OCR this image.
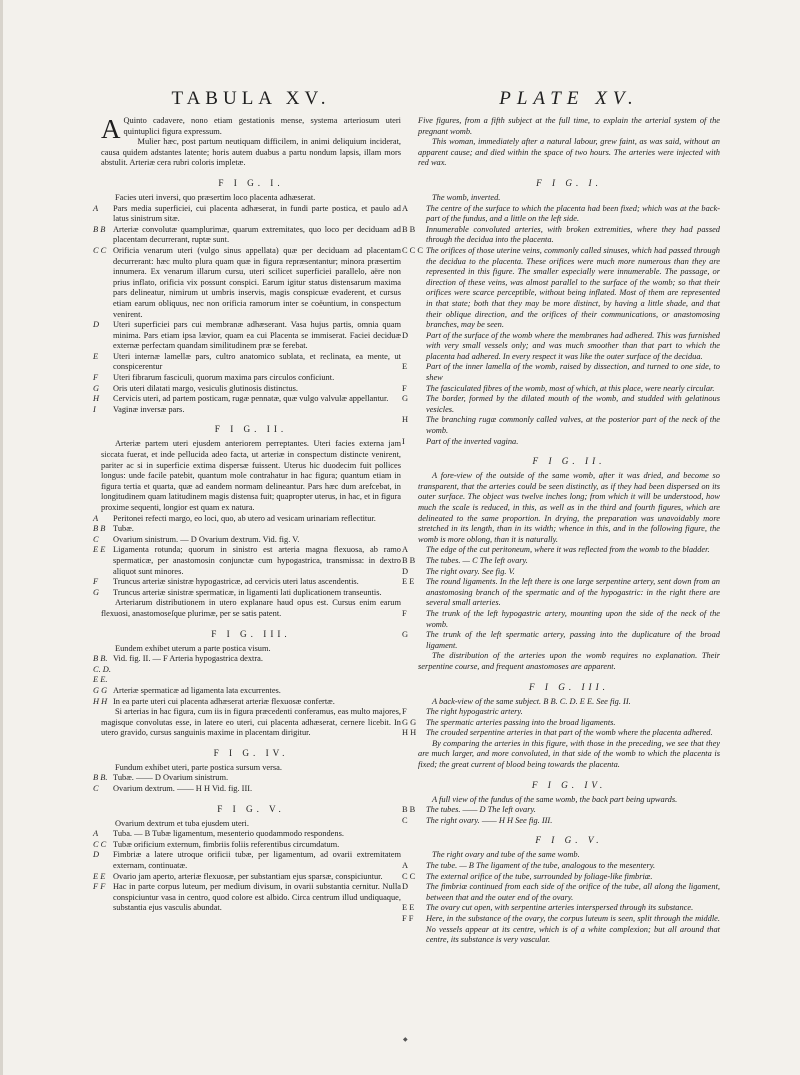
TABULA XV.

A Quinto cadavere, nono etiam gestationis mense, systema arteriosum uteri quintuplici figura expressum.

Mulier hæc, post partum neutiquam difficilem, in animi deliquium inciderat, causa quidem adstantes latente; horis autem duabus a partu nondum lapsis, illam mors abstulit. Arteriæ cera rubri coloris impletæ.

F I G. I.

Facies uteri inversi, quo præsertim loco placenta adhæserat.

A	Pars media superficiei, cui placenta adhæserat, in fundi parte postica, et paulo ad latus sinistrum sitæ.
B B Arteriæ convolutæ quamplurimæ, quarum extremitates, quo loco per deciduam ad placentam decurrerant, ruptæ sunt.
C C Orificia venarum uteri (vulgo sinus appellata) quæ per deciduam ad placentam decurrerant: hæc multo plura quam quæ in figura repræsentantur; minora præsertim innumera. Ex venarum illarum cursu, uteri scilicet superficiei parallelo, aëre non prius inflato, orificia vix possunt conspici. Earum igitur status distensarum maxima pars delineatur, nimirum ut umbris inservis, magis conspicuæ evaderent, et cursus etiam earum obliquus, nec non orificia ramorum inter se coëuntium, in conspectum venirent.
D	Uteri superficiei pars cui membranæ adhæserant. Vasa hujus partis, omnia quam minima. Pars etiam ipsa lævior, quam ea cui Placenta se immiserat. Faciei deciduæ externæ perfectam quandam similitudinem præ se ferebat.
E	Uteri internæ lamellæ pars, cultro anatomico sublata, et reclinata, ea mente, ut conspicerentur
F	Uteri fibrarum fasciculi, quorum maxima pars circulos conficiunt.
G	Oris uteri dilatati margo, vesiculis glutinosis distinctus.
H	Cervicis uteri, ad partem posticam, rugæ pennatæ, quæ vulgo valvulæ appellantur.
I	Vaginæ inversæ pars.
F I G. II.

Arteriæ partem uteri ejusdem anteriorem perreptantes. Uteri facies externa jam siccata fuerat, et inde pellucida adeo facta, ut arteriæ in conspectum distincte venirent, pariter ac si in superficie extima dispersæ fuissent. Uterus hic duodecim fuit pollices longus: unde facile patebit, quantum mole contrahatur in hac figura; quantum etiam in figura tertia et quarta, quæ ad eandem normam delineantur. Pars hæc dum arefcebat, in longitudinem quam latitudinem magis distensa fuit; quapropter uterus, in hac, et in figura proxime sequenti, longior est quam ex natura.

A	Peritonei refecti margo, eo loci, quo, ab utero ad vesicam urinariam reflectitur.
B B Tubæ.
C	Ovarium sinistrum. — D Ovarium dextrum. Vid. fig. V.
E E Ligamenta rotunda; quorum in sinistro est arteria magna flexuosa, ab ramo spermaticæ, per anastomosin conjunctæ cum hypogastrica, transmissa: in dextro aliquot sunt minores.
F	Truncus arteriæ sinistræ hypogastricæ, ad cervicis uteri latus ascendentis.
G	Truncus arteriæ sinistræ spermaticæ, in ligamenti lati duplicationem transeuntis.

Arteriarum distributionem in utero explanare haud opus est. Cursus enim earum flexuosi, anastomoseſque plurimæ, per se satis patent.

F I G. III.

Eundem exhibet uterum a parte postica visum.

B B. C. D. E E.
Vid. fig. II. — F Arteria hypogastrica dextra.
G G Arteriæ spermaticæ ad ligamenta lata excurrentes.
H H In ea parte uteri cui placenta adhæserat arteriæ flexuosæ confertæ.

Si arterias in hac figura, cum iis in figura præcedenti conferamus, eas multo majores, magisque convolutas esse, in latere eo uteri, cui placenta adhæserat, cernere licebit. In utero gravido, cursus sanguinis maxime in placentam dirigitur.

F I G. IV.

Fundum exhibet uteri, parte postica sursum versa.

B B. Tubæ. —— D Ovarium sinistrum.
C	Ovarium dextrum. —— H H Vid. fig. III.
F I G. V.

Ovarium dextrum et tuba ejusdem uteri.

A	Tuba. — B Tubæ ligamentum, mesenterio quodammodo respondens.
C C Tubæ orificium externum, fimbriis foliis referentibus circumdatum.
D	Fimbriæ a latere utroque orificii tubæ, per ligamentum, ad ovarii extremitatem externam, continuatæ.
E E Ovario jam aperto, arteriæ flexuosæ, per substantiam ejus sparsæ, conspiciuntur.
F F Hac in parte corpus luteum, per medium divisum, in ovarii substantia cernitur. Nulla conspiciuntur vasa in centro, quod colore est albido. Circa centrum illud undiquaque, substantia ejus vasculis abundat.
PLATE XV.

Five figures, from a fifth subject at the full time, to explain the arterial system of the pregnant womb.

This woman, immediately after a natural labour, grew faint, as was said, without an apparent cause; and died within the space of two hours. The arteries were injected with red wax.

F I G. I.

The womb, inverted.

A	The centre of the surface to which the placenta had been fixed; which was at the back-part of the fundus, and a little on the left side.
B B	Innumerable convoluted arteries, with broken extremities, where they had passed through the decidua into the placenta.
C C C The orifices of those uterine veins, commonly called sinuses, which had passed through the decidua to the placenta. These orifices were much more numerous than they are represented in this figure. The smaller especially were innumerable. The passage, or direction of these veins, was almost parallel to the surface of the womb; so that their orifices were scarce perceptible, without being inflated. Most of them are represented in that state; both that they may be more distinct, by having a little shade, and that their oblique direction, and the orifices of their communications, or anastomosing branches, may be seen.
D	Part of the surface of the womb where the membranes had adhered. This was furnished with very small vessels only; and was much smoother than that part to which the placenta had adhered. In every respect it was like the outer surface of the decidua.
E	Part of the inner lamella of the womb, raised by dissection, and turned to one side, to shew
F	The fasciculated fibres of the womb, most of which, at this place, were nearly circular.
G	The border, formed by the dilated mouth of the womb, and studded with gelatinous vesicles.
H	The branching rugæ commonly called valves, at the posterior part of the neck of the womb.
I	Part of the inverted vagina.
F I G. II.

A fore-view of the outside of the same womb, after it was dried, and become so transparent, that the arteries could be seen distinctly, as if they had been dispersed on its outer surface. The object was twelve inches long; from which it will be understood, how much the scale is reduced, in this, as well as in the third and fourth figures, which are delineated to the same proportion. In drying, the preparation was unavoidably more stretched in its length, than in its width; whence in this, and in the following figure, the womb is more oblong, than it is naturally.

A	The edge of the cut peritoneum, where it was reflected from the womb to the bladder.
B B	The tubes. — C The left ovary.
D	The right ovary. See fig. V.
E E	The round ligaments. In the left there is one large serpentine artery, sent down from an anastomosing branch of the spermatic and of the hypogastric: in the right there are several small arteries.
F	The trunk of the left hypogastric artery, mounting upon the side of the neck of the womb.
G	The trunk of the left spermatic artery, passing into the duplicature of the broad ligament.

The distribution of the arteries upon the womb requires no explanation. Their serpentine course, and frequent anastomoses are apparent.

F I G. III.

A back-view of the same subject. B B. C. D. E E. See fig. II.

F	The right hypogastric artery.
G G	The spermatic arteries passing into the broad ligaments.
H H	The crouded serpentine arteries in that part of the womb where the placenta adhered.

By comparing the arteries in this figure, with those in the preceding, we see that they are much larger, and more convoluted, in that side of the womb to which the placenta is fixed; the great current of blood being towards the placenta.

F I G. IV.

A full view of the fundus of the same womb, the back part being upwards.

B B	The tubes. —— D The left ovary.
C	The right ovary. —— H H See fig. III.
F I G. V.

The right ovary and tube of the same womb.

A	The tube. — B The ligament of the tube, analogous to the mesentery.
C C	The external orifice of the tube, surrounded by foliage-like fimbriæ.
D	The fimbriæ continued from each side of the orifice of the tube, all along the ligament, between that and the outer end of the ovary.
E E	The ovary cut open, with serpentine arteries interspersed through its substance.
F F	Here, in the substance of the ovary, the corpus luteum is seen, split through the middle. No vessels appear at its centre, which is of a white complexion; but all around that centre, its substance is very vascular.
◆
